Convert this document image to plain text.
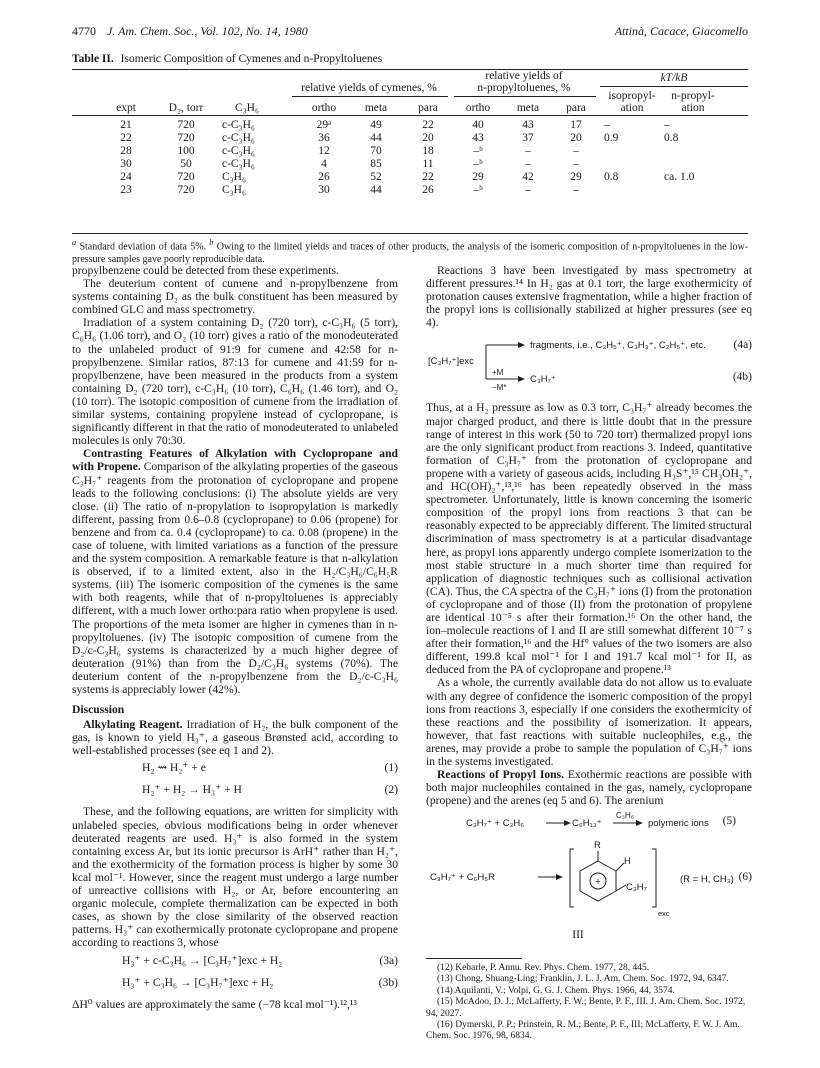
4770 J. Am. Chem. Soc., Vol. 102, No. 14, 1980	Attinà, Cacace, Giacomello
Table II. Isomeric Composition of Cymenes and n-Propyltoluenes
relative yields of cymenes, %
relative yields of
n-propyltoluenes, %
kT/kB
expt	D₂, torr	C₃H₆	ortho	meta	para	ortho	meta	para
isopropyl-	n-propyl-
ation	ation
21	720	c-C₃H₆	29ᵃ	49	22	40	43	17	–	–
22	720	c-C₃H₆	36	44	20	43	37	20	0.9	0.8
28	100	c-C₃H₆	12	70	18	–ᵇ	–	–
30	50	c-C₃H₆	4	85	11	–ᵇ	–	–
24	720	C₃H₆	26	52	22	29	42	29	0.8	ca. 1.0
23	720	C₃H₆	30	44	26	–ᵇ	–	–
$^a$ Standard deviation of data 5%. $^b$ Owing to the limited yields and traces of other products, the analysis of the isomeric composition of n-propyltoluenes in the low-pressure samples gave poorly reproducible data.

propylbenzene could be detected from these experiments.

The deuterium content of cumene and n-propylbenzene from systems containing D₂ as the bulk constituent has been measured by combined GLC and mass spectrometry.

Irradiation of a system containing D₂ (720 torr), c-C₃H₆ (5 torr), C₆H₆ (1.06 torr), and O₂ (10 torr) gives a ratio of the monodeuterated to the unlabeled product of 91:9 for cumene and 42:58 for n-propylbenzene. Similar ratios, 87:13 for cumene and 41:59 for n-propylbenzene, have been measured in the products from a system containing D₂ (720 torr), c-C₃H₆ (10 torr), C₆H₆ (1.46 torr), and O₂ (10 torr). The isotopic composition of cumene from the irradiation of similar systems, containing propylene instead of cyclopropane, is significantly different in that the ratio of monodeuterated to unlabeled molecules is only 70:30.

Contrasting Features of Alkylation with Cyclopropane and with Propene. Comparison of the alkylating properties of the gaseous C₃H₇⁺ reagents from the protonation of cyclopropane and propene leads to the following conclusions: (i) The absolute yields are very close. (ii) The ratio of n-propylation to isopropylation is markedly different, passing from 0.6–0.8 (cyclopropane) to 0.06 (propene) for benzene and from ca. 0.4 (cyclopropane) to ca. 0.08 (propene) in the case of toluene, with limited variations as a function of the pressure and the system composition. A remarkable feature is that n-alkylation is observed, if to a limited extent, also in the H₂/C₃H₆/C₆H₅R systems. (iii) The isomeric composition of the cymenes is the same with both reagents, while that of n-propyltoluenes is appreciably different, with a much lower ortho:para ratio when propylene is used. The proportions of the meta isomer are higher in cymenes than in n-propyltoluenes. (iv) The isotopic composition of cumene from the D₂/c-C₃H₆ systems is characterized by a much higher degree of deuteration (91%) than from the D₂/C₃H₆ systems (70%). The deuterium content of the n-propylbenzene from the D₂/c-C₃H₆ systems is appreciably lower (42%).

Discussion

Alkylating Reagent. Irradiation of H₂, the bulk component of the gas, is known to yield H₃⁺, a gaseous Brønsted acid, according to well-established processes (see eq 1 and 2).

H₂ ⇝ H₂⁺ + e	(1)
H₂⁺ + H₂ → H₃⁺ + H	(2)

These, and the following equations, are written for simplicity with unlabeled species, obvious modifications being in order whenever deuterated reagents are used. H₃⁺ is also formed in the system containing excess Ar, but its ionic precursor is ArH⁺ rather than H₂⁺, and the exothermicity of the formation process is higher by some 30 kcal mol⁻¹. However, since the reagent must undergo a large number of unreactive collisions with H₂, or Ar, before encountering an organic molecule, complete thermalization can be expected in both cases, as shown by the close similarity of the observed reaction patterns. H₃⁺ can exothermically protonate cyclopropane and propene according to reactions 3, whose

H₃⁺ + c-C₃H₆ → [C₃H₇⁺]exc + H₂	(3a)
H₃⁺ + C₃H₆ → [C₃H₇⁺]exc + H₂	(3b)

ΔH⁰ values are approximately the same (−78 kcal mol⁻¹).¹²,¹³

Reactions 3 have been investigated by mass spectrometry at different pressures.¹⁴ In H₂ gas at 0.1 torr, the large exothermicity of protonation causes extensive fragmentation, while a higher fraction of the propyl ions is collisionally stabilized at higher pressures (see eq 4).

[C₃H₇⁺]exc
fragments, i.e., C₃H₅⁺, C₃H₃⁺, C₂H₅⁺, etc. (4a)
+M
−M*
C₃H₇⁺	(4b)

Thus, at a H₂ pressure as low as 0.3 torr, C₃H₇⁺ already becomes the major charged product, and there is little doubt that in the pressure range of interest in this work (50 to 720 torr) thermalized propyl ions are the only significant product from reactions 3. Indeed, quantitative formation of C₃H₇⁺ from the protonation of cyclopropane and propene with a variety of gaseous acids, including H₃S⁺,¹⁵ CH₃OH₂⁺, and HC(OH)₂⁺,¹³,¹⁶ has been repeatedly observed in the mass spectrometer. Unfortunately, little is known concerning the isomeric composition of the propyl ions from reactions 3 that can be reasonably expected to be appreciably different. The limited structural discrimination of mass spectrometry is at a particular disadvantage here, as propyl ions apparently undergo complete isomerization to the most stable structure in a much shorter time than required for application of diagnostic techniques such as collisional activation (CA). Thus, the CA spectra of the C₃H₇⁺ ions (I) from the protonation of cyclopropane and of those (II) from the protonation of propylene are identical 10⁻⁵ s after their formation.¹⁶ On the other hand, the ion–molecule reactions of I and II are still somewhat different 10⁻⁷ s after their formation,¹⁶ and the Hf° values of the two isomers are also different, 199.8 kcal mol⁻¹ for I and 191.7 kcal mol⁻¹ for II, as deduced from the PA of cyclopropane and propene.¹³

As a whole, the currently available data do not allow us to evaluate with any degree of confidence the isomeric composition of the propyl ions from reactions 3, especially if one considers the exothermicity of these reactions and the possibility of isomerization. It appears, however, that fast reactions with suitable nucleophiles, e.g., the arenes, may provide a probe to sample the population of C₃H₇⁺ ions in the systems investigated.

Reactions of Propyl Ions. Exothermic reactions are possible with both major nucleophiles contained in the gas, namely, cyclopropane (propene) and the arenes (eq 5 and 6). The arenium

C₃H₇⁺ + C₃H₆
+
C₆H₁₃⁺
C₃H₆
polymeric ions (5)
C₃H₇⁺ + C₆H₅R
R
H
C₃H₇
exc
(R = H, CH₃) (6)
III
(12) Kebarle, P. Annu. Rev. Phys. Chem. 1977, 28, 445.
(13) Chong, Shuang-Ling; Franklin, J. L. J. Am. Chem. Soc. 1972, 94, 6347.
(14) Aquilanti, V.; Volpi, G. G. J. Chem. Phys. 1966, 44, 3574.
(15) McAdoo, D. J.; McLafferty, F. W.; Bente, P. F., III. J. Am. Chem. Soc. 1972, 94, 2027.
(16) Dymerski, P. P.; Prinstein, R. M.; Bente, P. F., III; McLafferty, F. W. J. Am. Chem. Soc. 1976, 98, 6834.
